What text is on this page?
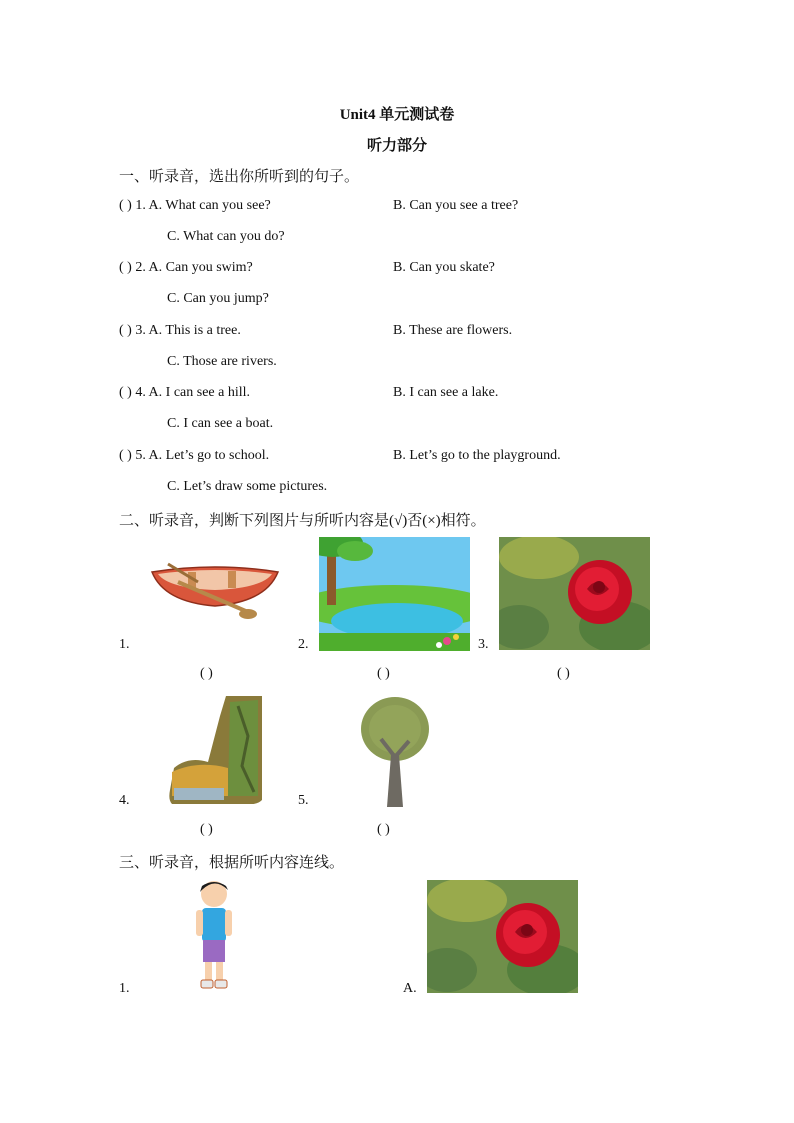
Unit4 单元测试卷
听力部分
一、听录音，选出你所听到的句子。
( ) 1. A. What can you see?	B. Can you see a tree?
C. What can you do?
( ) 2. A. Can you swim?	B. Can you skate?
C. Can you jump?
( ) 3. A. This is a tree.	B. These are flowers.
C. Those are rivers.
( ) 4. A. I can see a hill.	B. I can see a lake.
C. I can see a boat.
( ) 5. A. Let’s go to school.	B. Let’s go to the playground.
C. Let’s draw some pictures.
二、听录音，判断下列图片与所听内容是(√)否(×)相符。
1.
( )
2.
( )
3.
( )
4.
( )
5.
( )
三、听录音，根据所听内容连线。
1.	A.
